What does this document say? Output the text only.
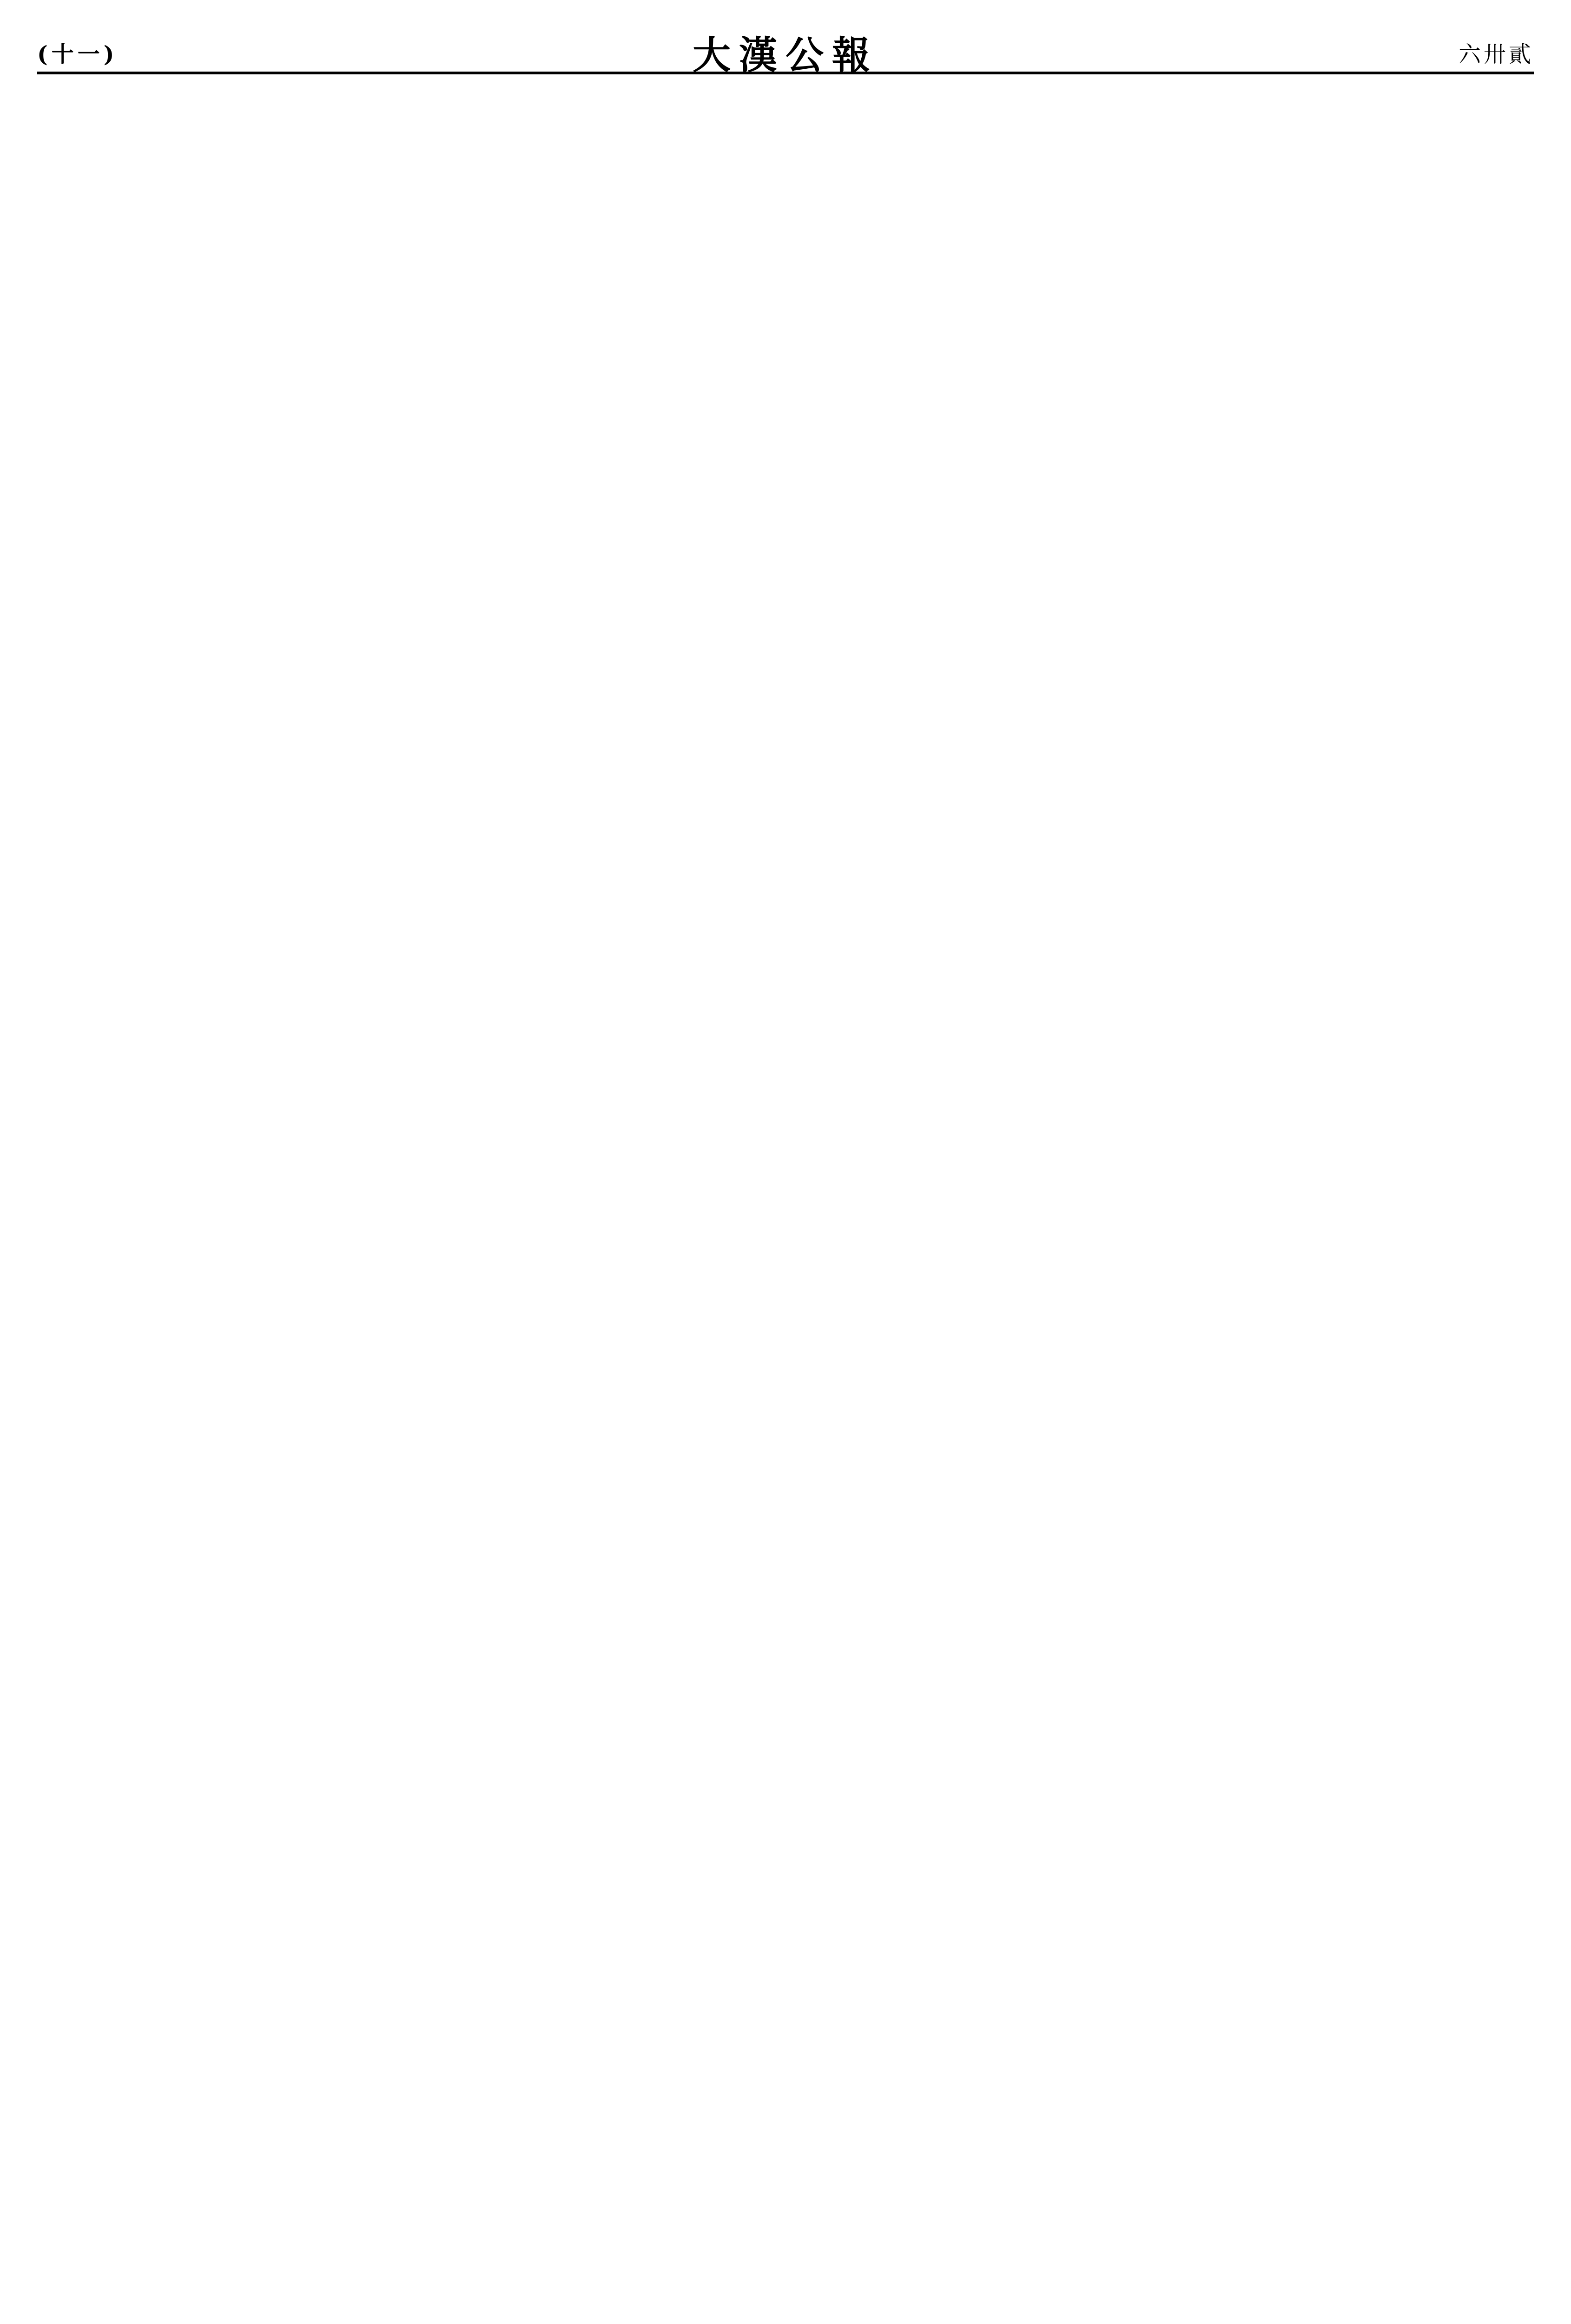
(十一)	大漢公報	六卅貳
